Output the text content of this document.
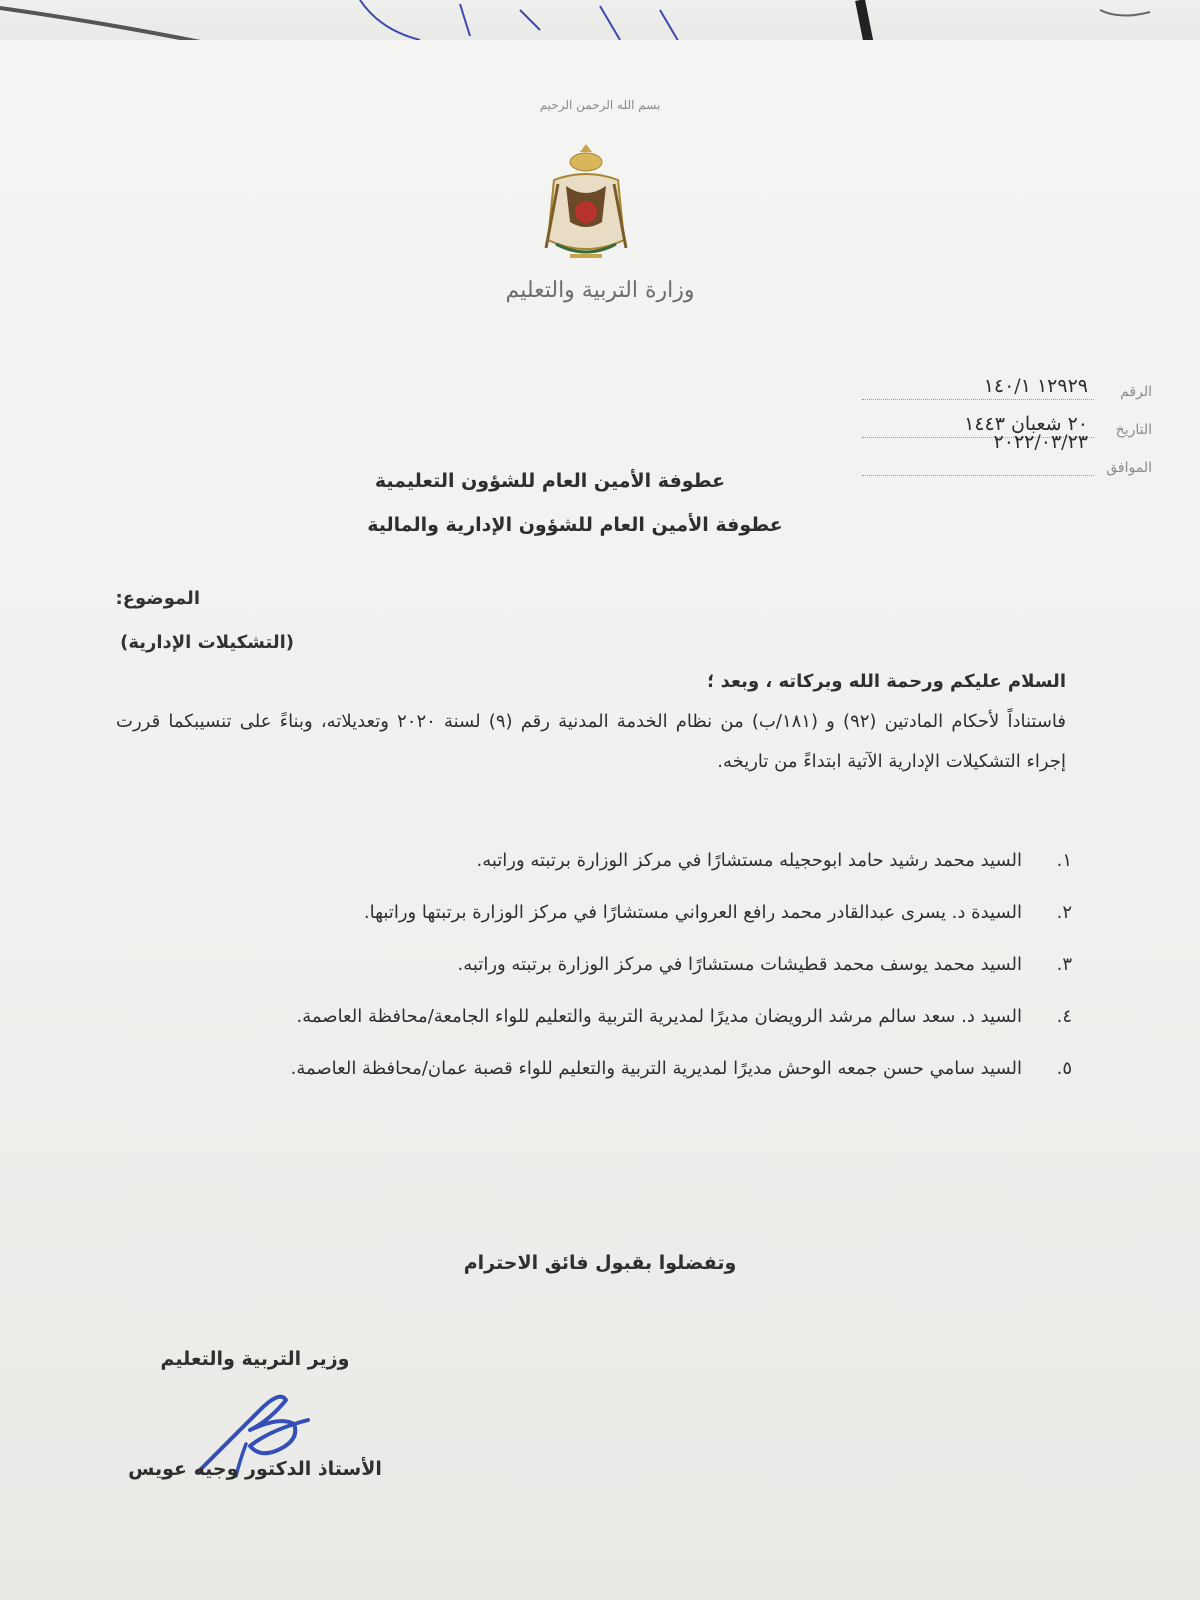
بسم الله الرحمن الرحيم
وزارة التربية والتعليم
الرقم
١٢٩٢٩ ١٤٠/١
التاريخ
٢٠ شعبان ١٤٤٣
الموافق
٢٠٢٢/٠٣/٢٣
عطوفة الأمين العام للشؤون التعليمية
عطوفة الأمين العام للشؤون الإدارية والمالية
الموضوع:
(التشكيلات الإدارية)
السلام عليكم ورحمة الله وبركاته ، وبعد ؛
فاستناداً لأحكام المادتين (٩٢) و (١٨١/ب) من نظام الخدمة المدنية رقم (٩) لسنة ٢٠٢٠ وتعديلاته، وبناءً على تنسيبكما قررت إجراء التشكيلات الإدارية الآتية ابتداءً من تاريخه.
١.
السيد محمد رشيد حامد ابوحجيله مستشارًا في مركز الوزارة برتبته وراتبه.
٢.
السيدة د. يسرى عبدالقادر محمد رافع العرواني مستشارًا في مركز الوزارة برتبتها وراتبها.
٣.
السيد محمد يوسف محمد قطيشات مستشارًا في مركز الوزارة برتبته وراتبه.
٤.
السيد د. سعد سالم مرشد الرويضان مديرًا لمديرية التربية والتعليم للواء الجامعة/محافظة العاصمة.
٥.
السيد سامي حسن جمعه الوحش مديرًا لمديرية التربية والتعليم للواء قصبة عمان/محافظة العاصمة.
وتفضلوا بقبول فائق الاحترام
وزير التربية والتعليم
الأستاذ الدكتور وجيه عويس
